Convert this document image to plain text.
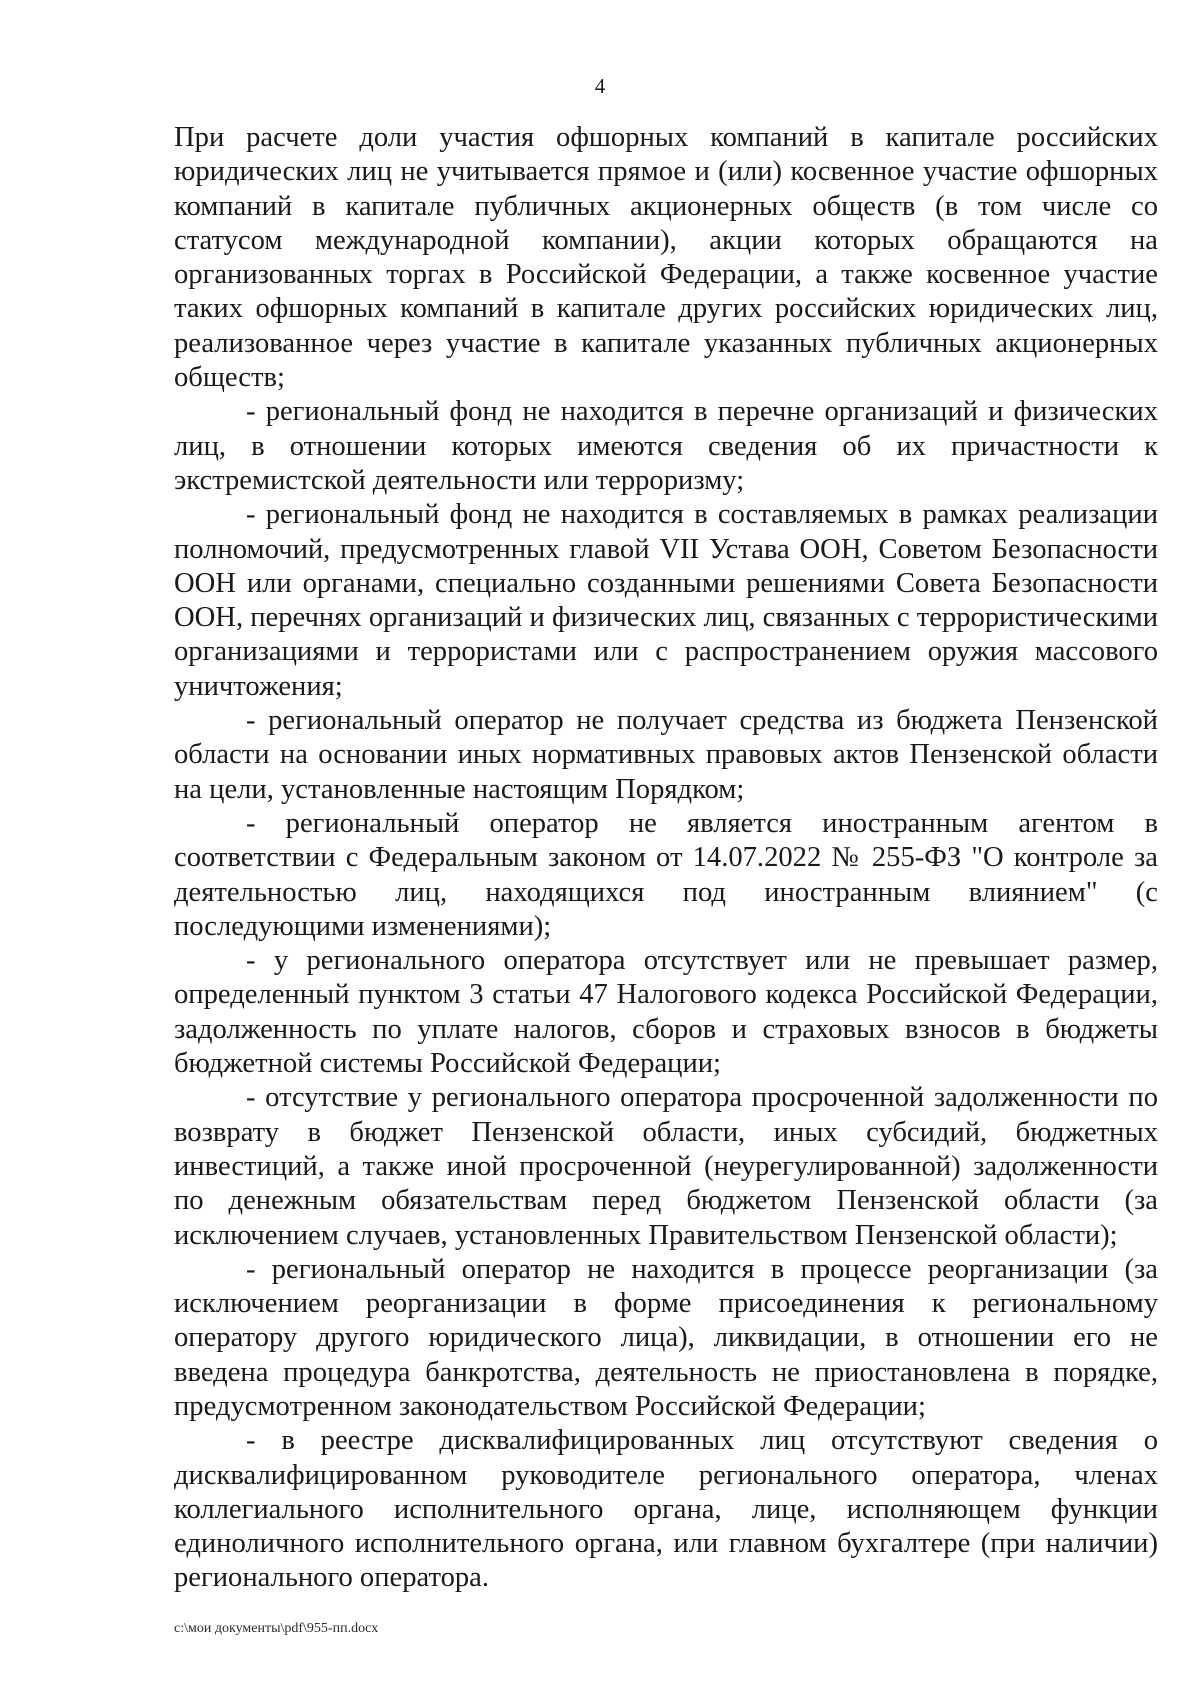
4

При расчете доли участия офшорных компаний в капитале российских юридических лиц не учитывается прямое и (или) косвенное участие офшорных компаний в капитале публичных акционерных обществ (в том числе со статусом международной компании), акции которых обращаются на организованных торгах в Российской Федерации, а также косвенное участие таких офшорных компаний в капитале других российских юридических лиц, реализованное через участие в капитале указанных публичных акционерных обществ;

- региональный фонд не находится в перечне организаций и физических лиц, в отношении которых имеются сведения об их причастности к экстремистской деятельности или терроризму;

- региональный фонд не находится в составляемых в рамках реализации полномочий, предусмотренных главой VII Устава ООН, Советом Безопасности ООН или органами, специально созданными решениями Совета Безопасности ООН, перечнях организаций и физических лиц, связанных с террористическими организациями и террористами или с распространением оружия массового уничтожения;

- региональный оператор не получает средства из бюджета Пензенской области на основании иных нормативных правовых актов Пензенской области на цели, установленные настоящим Порядком;

- региональный оператор не является иностранным агентом в соответствии с Федеральным законом от 14.07.2022 № 255-ФЗ "О контроле за деятельностью лиц, находящихся под иностранным влиянием" (с последующими изменениями);

- у регионального оператора отсутствует или не превышает размер, определенный пунктом 3 статьи 47 Налогового кодекса Российской Федерации, задолженность по уплате налогов, сборов и страховых взносов в бюджеты бюджетной системы Российской Федерации;

- отсутствие у регионального оператора просроченной задолженности по возврату в бюджет Пензенской области, иных субсидий, бюджетных инвестиций, а также иной просроченной (неурегулированной) задолженности по денежным обязательствам перед бюджетом Пензенской области (за исключением случаев, установленных Правительством Пензенской области);

- региональный оператор не находится в процессе реорганизации (за исключением реорганизации в форме присоединения к региональному оператору другого юридического лица), ликвидации, в отношении его не введена процедура банкротства, деятельность не приостановлена в порядке, предусмотренном законодательством Российской Федерации;

- в реестре дисквалифицированных лиц отсутствуют сведения о дисквалифицированном руководителе регионального оператора, членах коллегиального исполнительного органа, лице, исполняющем функции единоличного исполнительного органа, или главном бухгалтере (при наличии) регионального оператора.

c:\мои документы\pdf\955-пп.docx
